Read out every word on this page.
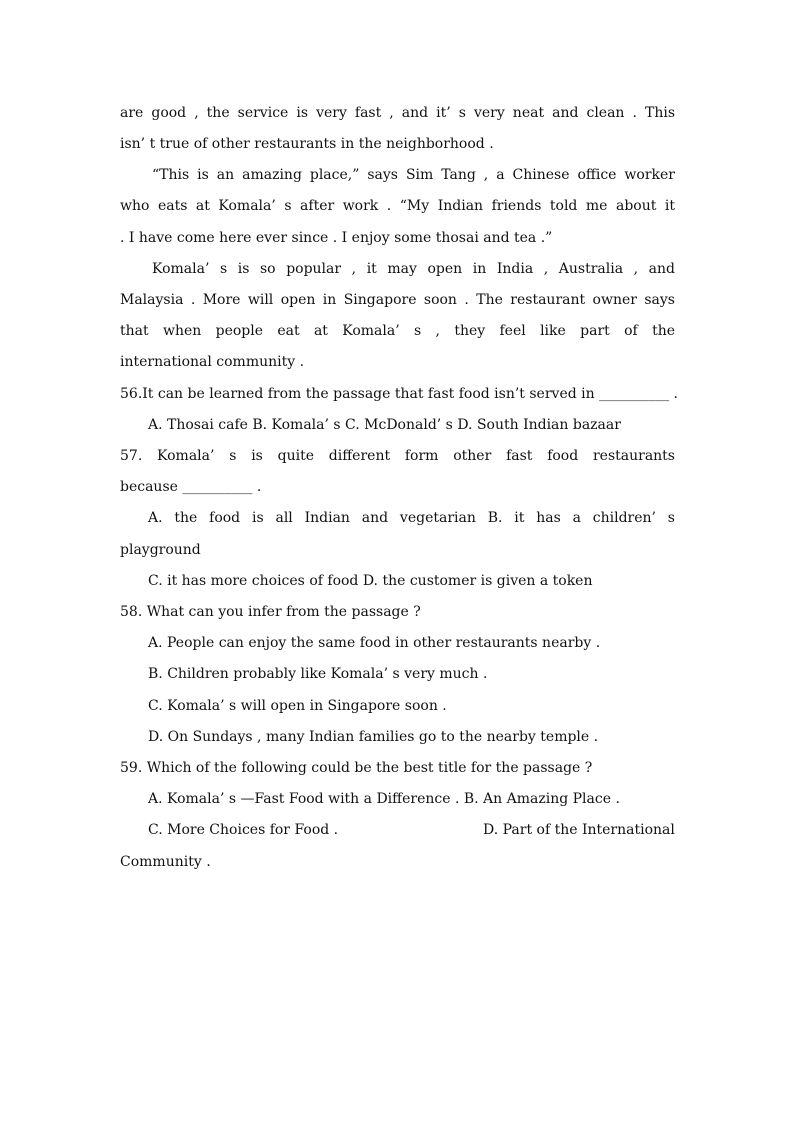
are good , the service is very fast , and it’ s very neat and clean . This
isn’ t true of other restaurants in the neighborhood .
“This is an amazing place,” says Sim Tang , a Chinese office worker
who eats at Komala’ s after work . “My Indian friends told me about it
. I have come here ever since . I enjoy some thosai and tea .”
Komala’ s is so popular , it may open in India , Australia , and
Malaysia . More will open in Singapore soon . The restaurant owner says
that when people eat at Komala’ s , they feel like part of the
international community .
56.It can be learned from the passage that fast food isn’t served in __________ .
A. Thosai cafe B. Komala’ s C. McDonald’ s D. South Indian bazaar
57. Komala’ s is quite different form other fast food restaurants
because __________ .
A. the food is all Indian and vegetarian B. it has a children’ s
playground
C. it has more choices of food D. the customer is given a token
58. What can you infer from the passage ?
A. People can enjoy the same food in other restaurants nearby .
B. Children probably like Komala’ s very much .
C. Komala’ s will open in Singapore soon .
D. On Sundays , many Indian families go to the nearby temple .
59. Which of the following could be the best title for the passage ?
A. Komala’ s —Fast Food with a Difference . B. An Amazing Place .
C. More Choices for Food .	D. Part of the International
Community .
